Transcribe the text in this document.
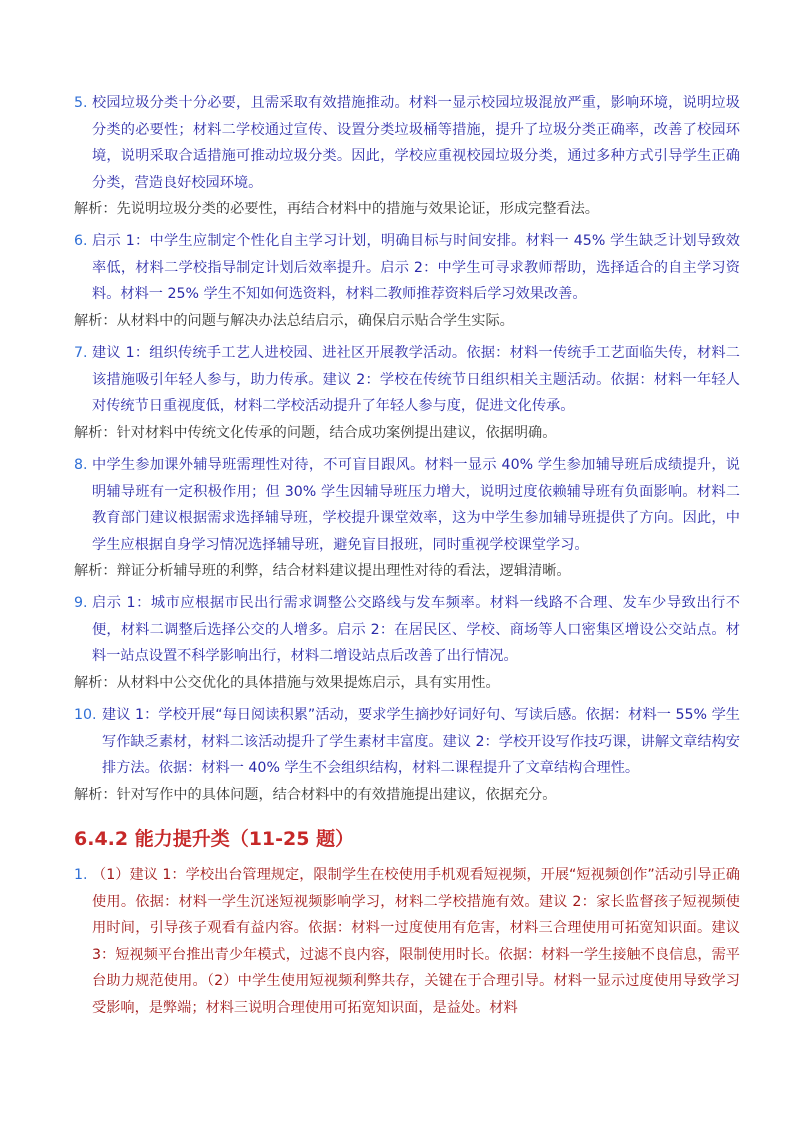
5. 校园垃圾分类十分必要，且需采取有效措施推动。材料一显示校园垃圾混放严重，影响环境，说明垃圾分类的必要性；材料二学校通过宣传、设置分类垃圾桶等措施，提升了垃圾分类正确率，改善了校园环境，说明采取合适措施可推动垃圾分类。因此，学校应重视校园垃圾分类，通过多种方式引导学生正确分类，营造良好校园环境。
解析：先说明垃圾分类的必要性，再结合材料中的措施与效果论证，形成完整看法。
6. 启示 1：中学生应制定个性化自主学习计划，明确目标与时间安排。材料一 45% 学生缺乏计划导致效率低，材料二学校指导制定计划后效率提升。启示 2：中学生可寻求教师帮助，选择适合的自主学习资料。材料一 25% 学生不知如何选资料，材料二教师推荐资料后学习效果改善。
解析：从材料中的问题与解决办法总结启示，确保启示贴合学生实际。
7. 建议 1：组织传统手工艺人进校园、进社区开展教学活动。依据：材料一传统手工艺面临失传，材料二该措施吸引年轻人参与，助力传承。建议 2：学校在传统节日组织相关主题活动。依据：材料一年轻人对传统节日重视度低，材料二学校活动提升了年轻人参与度，促进文化传承。
解析：针对材料中传统文化传承的问题，结合成功案例提出建议，依据明确。
8. 中学生参加课外辅导班需理性对待，不可盲目跟风。材料一显示 40% 学生参加辅导班后成绩提升，说明辅导班有一定积极作用；但 30% 学生因辅导班压力增大，说明过度依赖辅导班有负面影响。材料二教育部门建议根据需求选择辅导班，学校提升课堂效率，这为中学生参加辅导班提供了方向。因此，中学生应根据自身学习情况选择辅导班，避免盲目报班，同时重视学校课堂学习。
解析：辩证分析辅导班的利弊，结合材料建议提出理性对待的看法，逻辑清晰。
9. 启示 1：城市应根据市民出行需求调整公交路线与发车频率。材料一线路不合理、发车少导致出行不便，材料二调整后选择公交的人增多。启示 2：在居民区、学校、商场等人口密集区增设公交站点。材料一站点设置不科学影响出行，材料二增设站点后改善了出行情况。
解析：从材料中公交优化的具体措施与效果提炼启示，具有实用性。
10. 建议 1：学校开展“每日阅读积累”活动，要求学生摘抄好词好句、写读后感。依据：材料一 55% 学生写作缺乏素材，材料二该活动提升了学生素材丰富度。建议 2：学校开设写作技巧课，讲解文章结构安排方法。依据：材料一 40% 学生不会组织结构，材料二课程提升了文章结构合理性。
解析：针对写作中的具体问题，结合材料中的有效措施提出建议，依据充分。
6.4.2 能力提升类（11-25 题）
1. （1）建议 1：学校出台管理规定，限制学生在校使用手机观看短视频，开展“短视频创作”活动引导正确使用。依据：材料一学生沉迷短视频影响学习，材料二学校措施有效。建议 2：家长监督孩子短视频使用时间，引导孩子观看有益内容。依据：材料一过度使用有危害，材料三合理使用可拓宽知识面。建议 3：短视频平台推出青少年模式，过滤不良内容，限制使用时长。依据：材料一学生接触不良信息，需平台助力规范使用。（2）中学生使用短视频利弊共存，关键在于合理引导。材料一显示过度使用导致学习受影响，是弊端；材料三说明合理使用可拓宽知识面，是益处。材料
